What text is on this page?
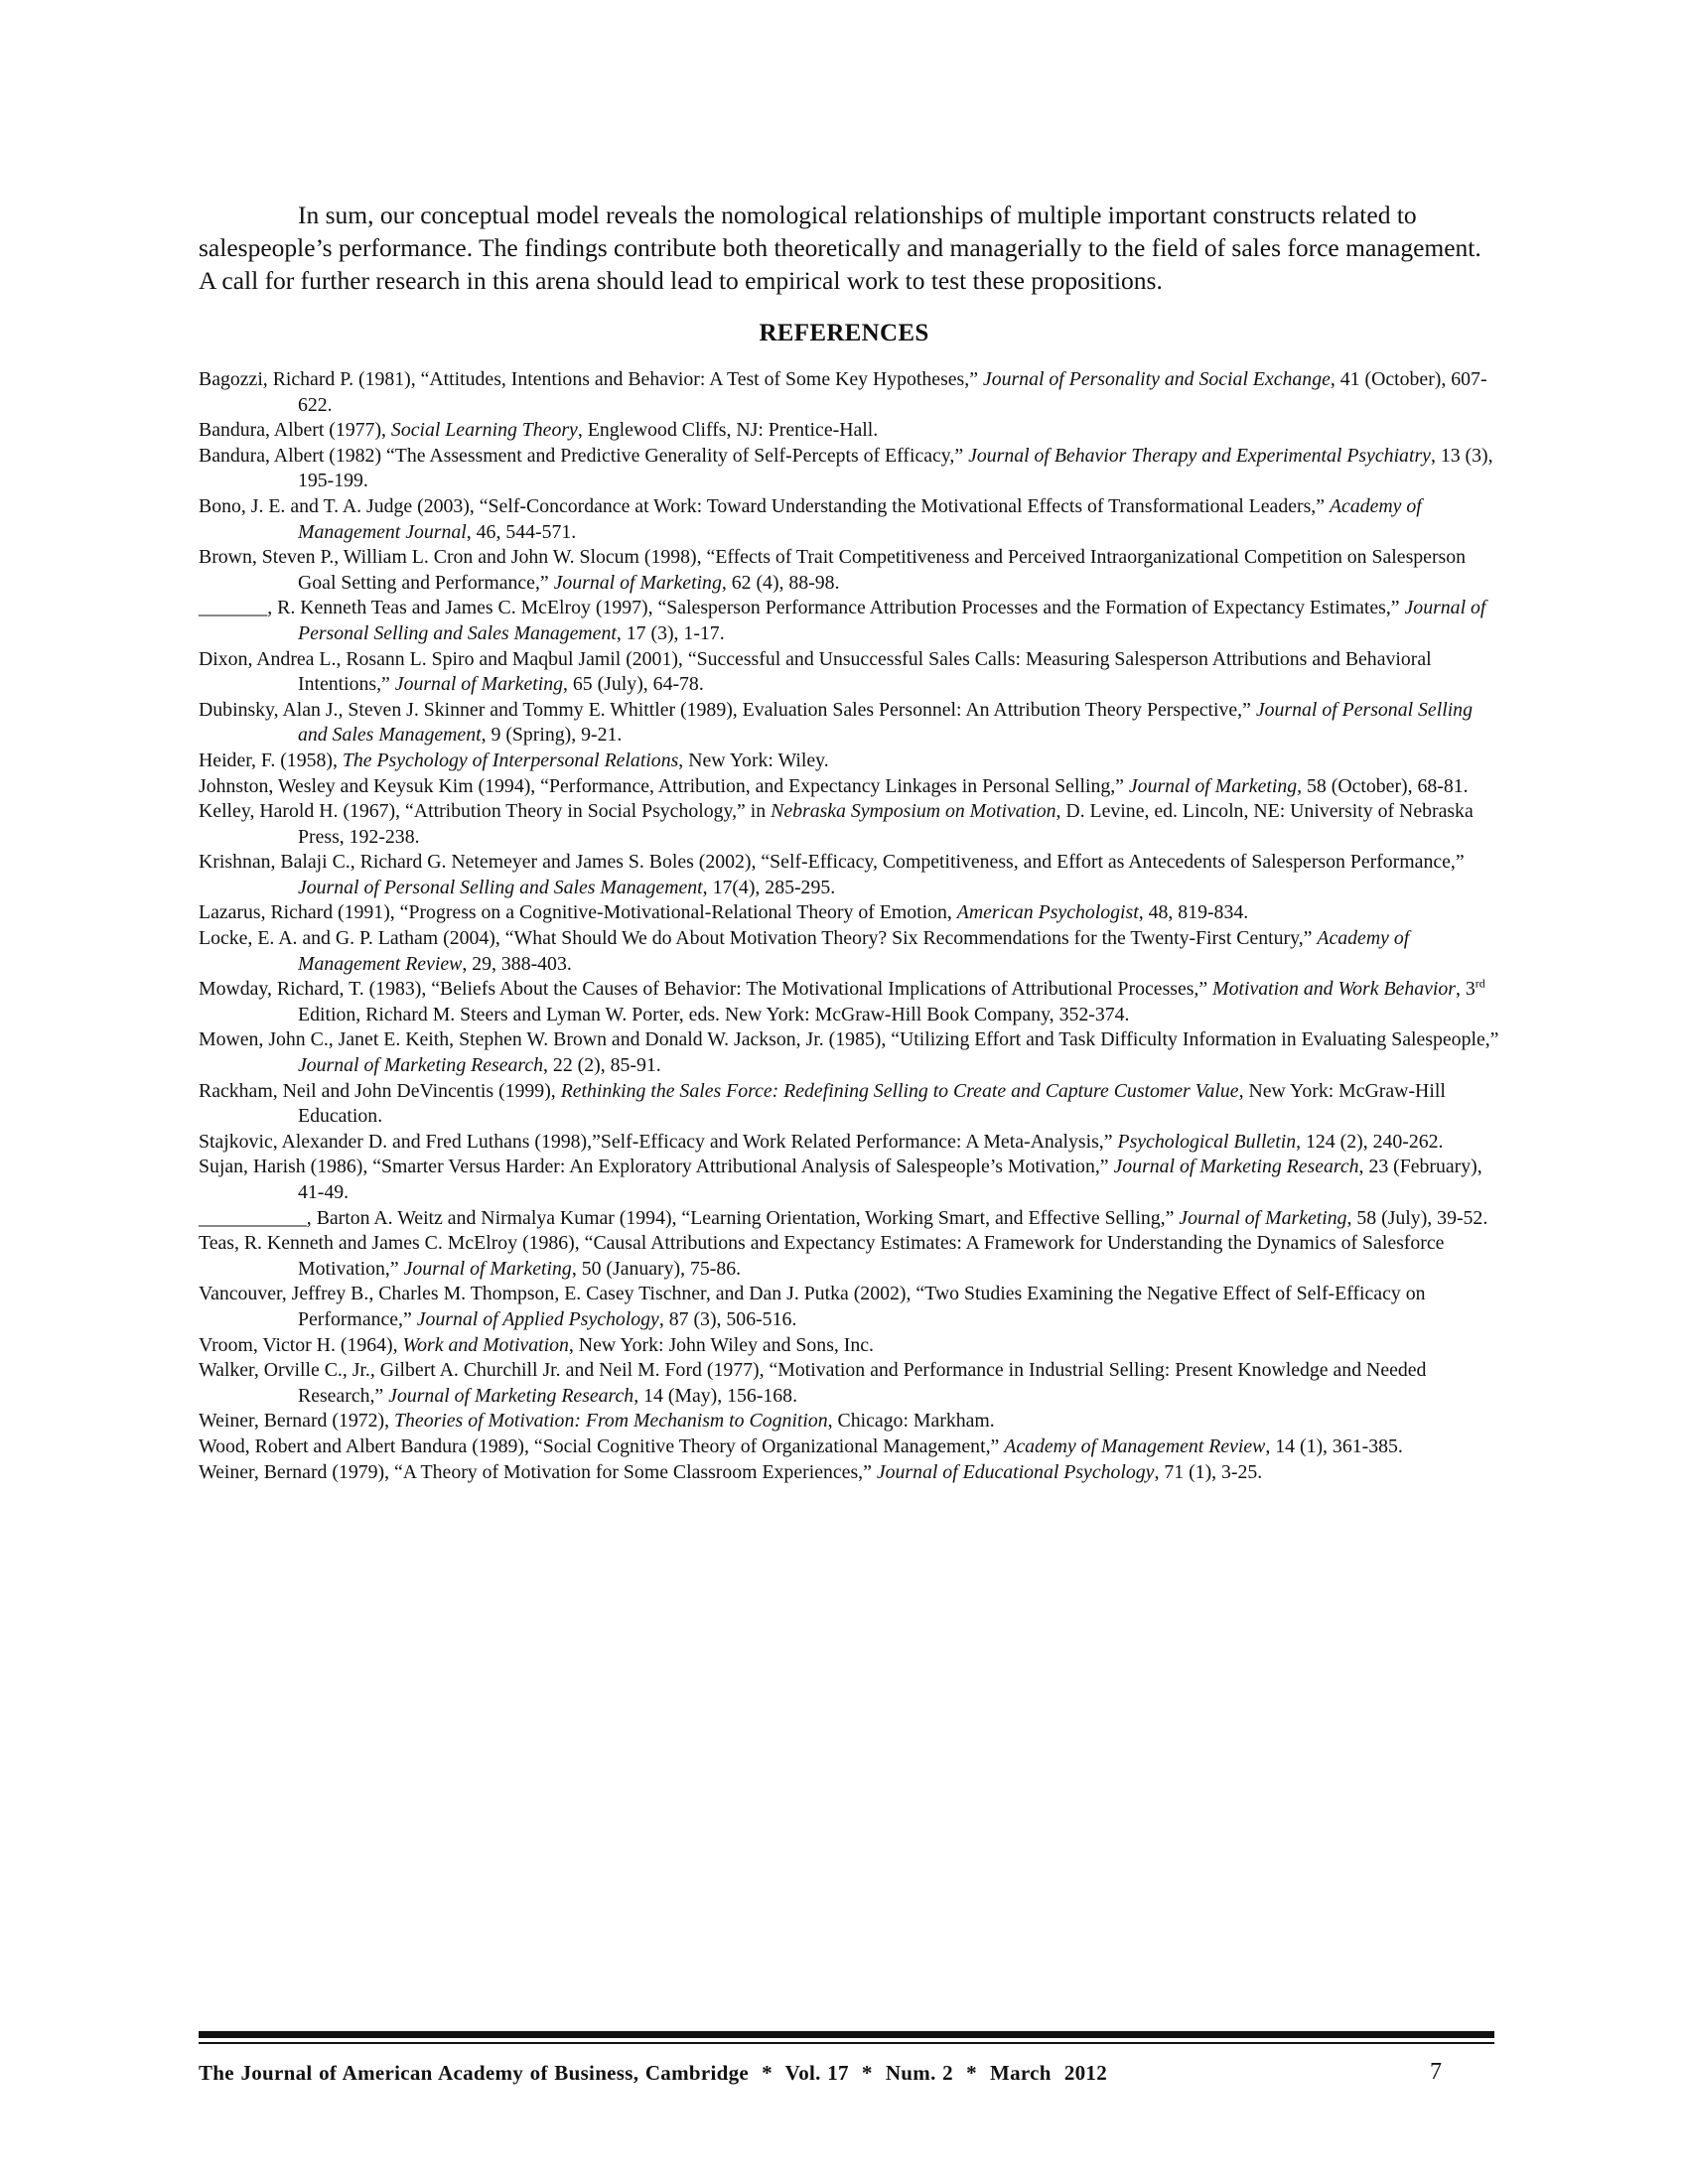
In sum, our conceptual model reveals the nomological relationships of multiple important constructs related to salespeople’s performance. The findings contribute both theoretically and managerially to the field of sales force management. A call for further research in this arena should lead to empirical work to test these propositions.

REFERENCES

Bagozzi, Richard P. (1981), “Attitudes, Intentions and Behavior: A Test of Some Key Hypotheses,” Journal of Personality and Social Exchange, 41 (October), 607-622.

Bandura, Albert (1977), Social Learning Theory, Englewood Cliffs, NJ: Prentice-Hall.

Bandura, Albert (1982) “The Assessment and Predictive Generality of Self-Percepts of Efficacy,” Journal of Behavior Therapy and Experimental Psychiatry, 13 (3), 195-199.

Bono, J. E. and T. A. Judge (2003), “Self-Concordance at Work: Toward Understanding the Motivational Effects of Transformational Leaders,” Academy of Management Journal, 46, 544-571.

Brown, Steven P., William L. Cron and John W. Slocum (1998), “Effects of Trait Competitiveness and Perceived Intraorganizational Competition on Salesperson Goal Setting and Performance,” Journal of Marketing, 62 (4), 88-98.

_______, R. Kenneth Teas and James C. McElroy (1997), “Salesperson Performance Attribution Processes and the Formation of Expectancy Estimates,” Journal of Personal Selling and Sales Management, 17 (3), 1-17.

Dixon, Andrea L., Rosann L. Spiro and Maqbul Jamil (2001), “Successful and Unsuccessful Sales Calls: Measuring Salesperson Attributions and Behavioral Intentions,” Journal of Marketing, 65 (July), 64-78.

Dubinsky, Alan J., Steven J. Skinner and Tommy E. Whittler (1989), Evaluation Sales Personnel: An Attribution Theory Perspective,” Journal of Personal Selling and Sales Management, 9 (Spring), 9-21.

Heider, F. (1958), The Psychology of Interpersonal Relations, New York: Wiley.

Johnston, Wesley and Keysuk Kim (1994), “Performance, Attribution, and Expectancy Linkages in Personal Selling,” Journal of Marketing, 58 (October), 68-81.

Kelley, Harold H. (1967), “Attribution Theory in Social Psychology,” in Nebraska Symposium on Motivation, D. Levine, ed. Lincoln, NE: University of Nebraska Press, 192-238.

Krishnan, Balaji C., Richard G. Netemeyer and James S. Boles (2002), “Self-Efficacy, Competitiveness, and Effort as Antecedents of Salesperson Performance,” Journal of Personal Selling and Sales Management, 17(4), 285-295.

Lazarus, Richard (1991), “Progress on a Cognitive-Motivational-Relational Theory of Emotion, American Psychologist, 48, 819-834.

Locke, E. A. and G. P. Latham (2004), “What Should We do About Motivation Theory? Six Recommendations for the Twenty-First Century,” Academy of Management Review, 29, 388-403.

Mowday, Richard, T. (1983), “Beliefs About the Causes of Behavior: The Motivational Implications of Attributional Processes,” Motivation and Work Behavior, 3rd Edition, Richard M. Steers and Lyman W. Porter, eds. New York: McGraw-Hill Book Company, 352-374.

Mowen, John C., Janet E. Keith, Stephen W. Brown and Donald W. Jackson, Jr. (1985), “Utilizing Effort and Task Difficulty Information in Evaluating Salespeople,” Journal of Marketing Research, 22 (2), 85-91.

Rackham, Neil and John DeVincentis (1999), Rethinking the Sales Force: Redefining Selling to Create and Capture Customer Value, New York: McGraw-Hill Education.

Stajkovic, Alexander D. and Fred Luthans (1998),”Self-Efficacy and Work Related Performance: A Meta-Analysis,” Psychological Bulletin, 124 (2), 240-262.

Sujan, Harish (1986), “Smarter Versus Harder: An Exploratory Attributional Analysis of Salespeople’s Motivation,” Journal of Marketing Research, 23 (February), 41-49.

___________, Barton A. Weitz and Nirmalya Kumar (1994), “Learning Orientation, Working Smart, and Effective Selling,” Journal of Marketing, 58 (July), 39-52.

Teas, R. Kenneth and James C. McElroy (1986), “Causal Attributions and Expectancy Estimates: A Framework for Understanding the Dynamics of Salesforce Motivation,” Journal of Marketing, 50 (January), 75-86.

Vancouver, Jeffrey B., Charles M. Thompson, E. Casey Tischner, and Dan J. Putka (2002), “Two Studies Examining the Negative Effect of Self-Efficacy on Performance,” Journal of Applied Psychology, 87 (3), 506-516.

Vroom, Victor H. (1964), Work and Motivation, New York: John Wiley and Sons, Inc.

Walker, Orville C., Jr., Gilbert A. Churchill Jr. and Neil M. Ford (1977), “Motivation and Performance in Industrial Selling: Present Knowledge and Needed Research,” Journal of Marketing Research, 14 (May), 156-168.

Weiner, Bernard (1972), Theories of Motivation: From Mechanism to Cognition, Chicago: Markham.

Wood, Robert and Albert Bandura (1989), “Social Cognitive Theory of Organizational Management,” Academy of Management Review, 14 (1), 361-385.

Weiner, Bernard (1979), “A Theory of Motivation for Some Classroom Experiences,” Journal of Educational Psychology, 71 (1), 3-25.

The Journal of American Academy of Business, Cambridge  *  Vol. 17  *  Num. 2  *  March  2012	7
